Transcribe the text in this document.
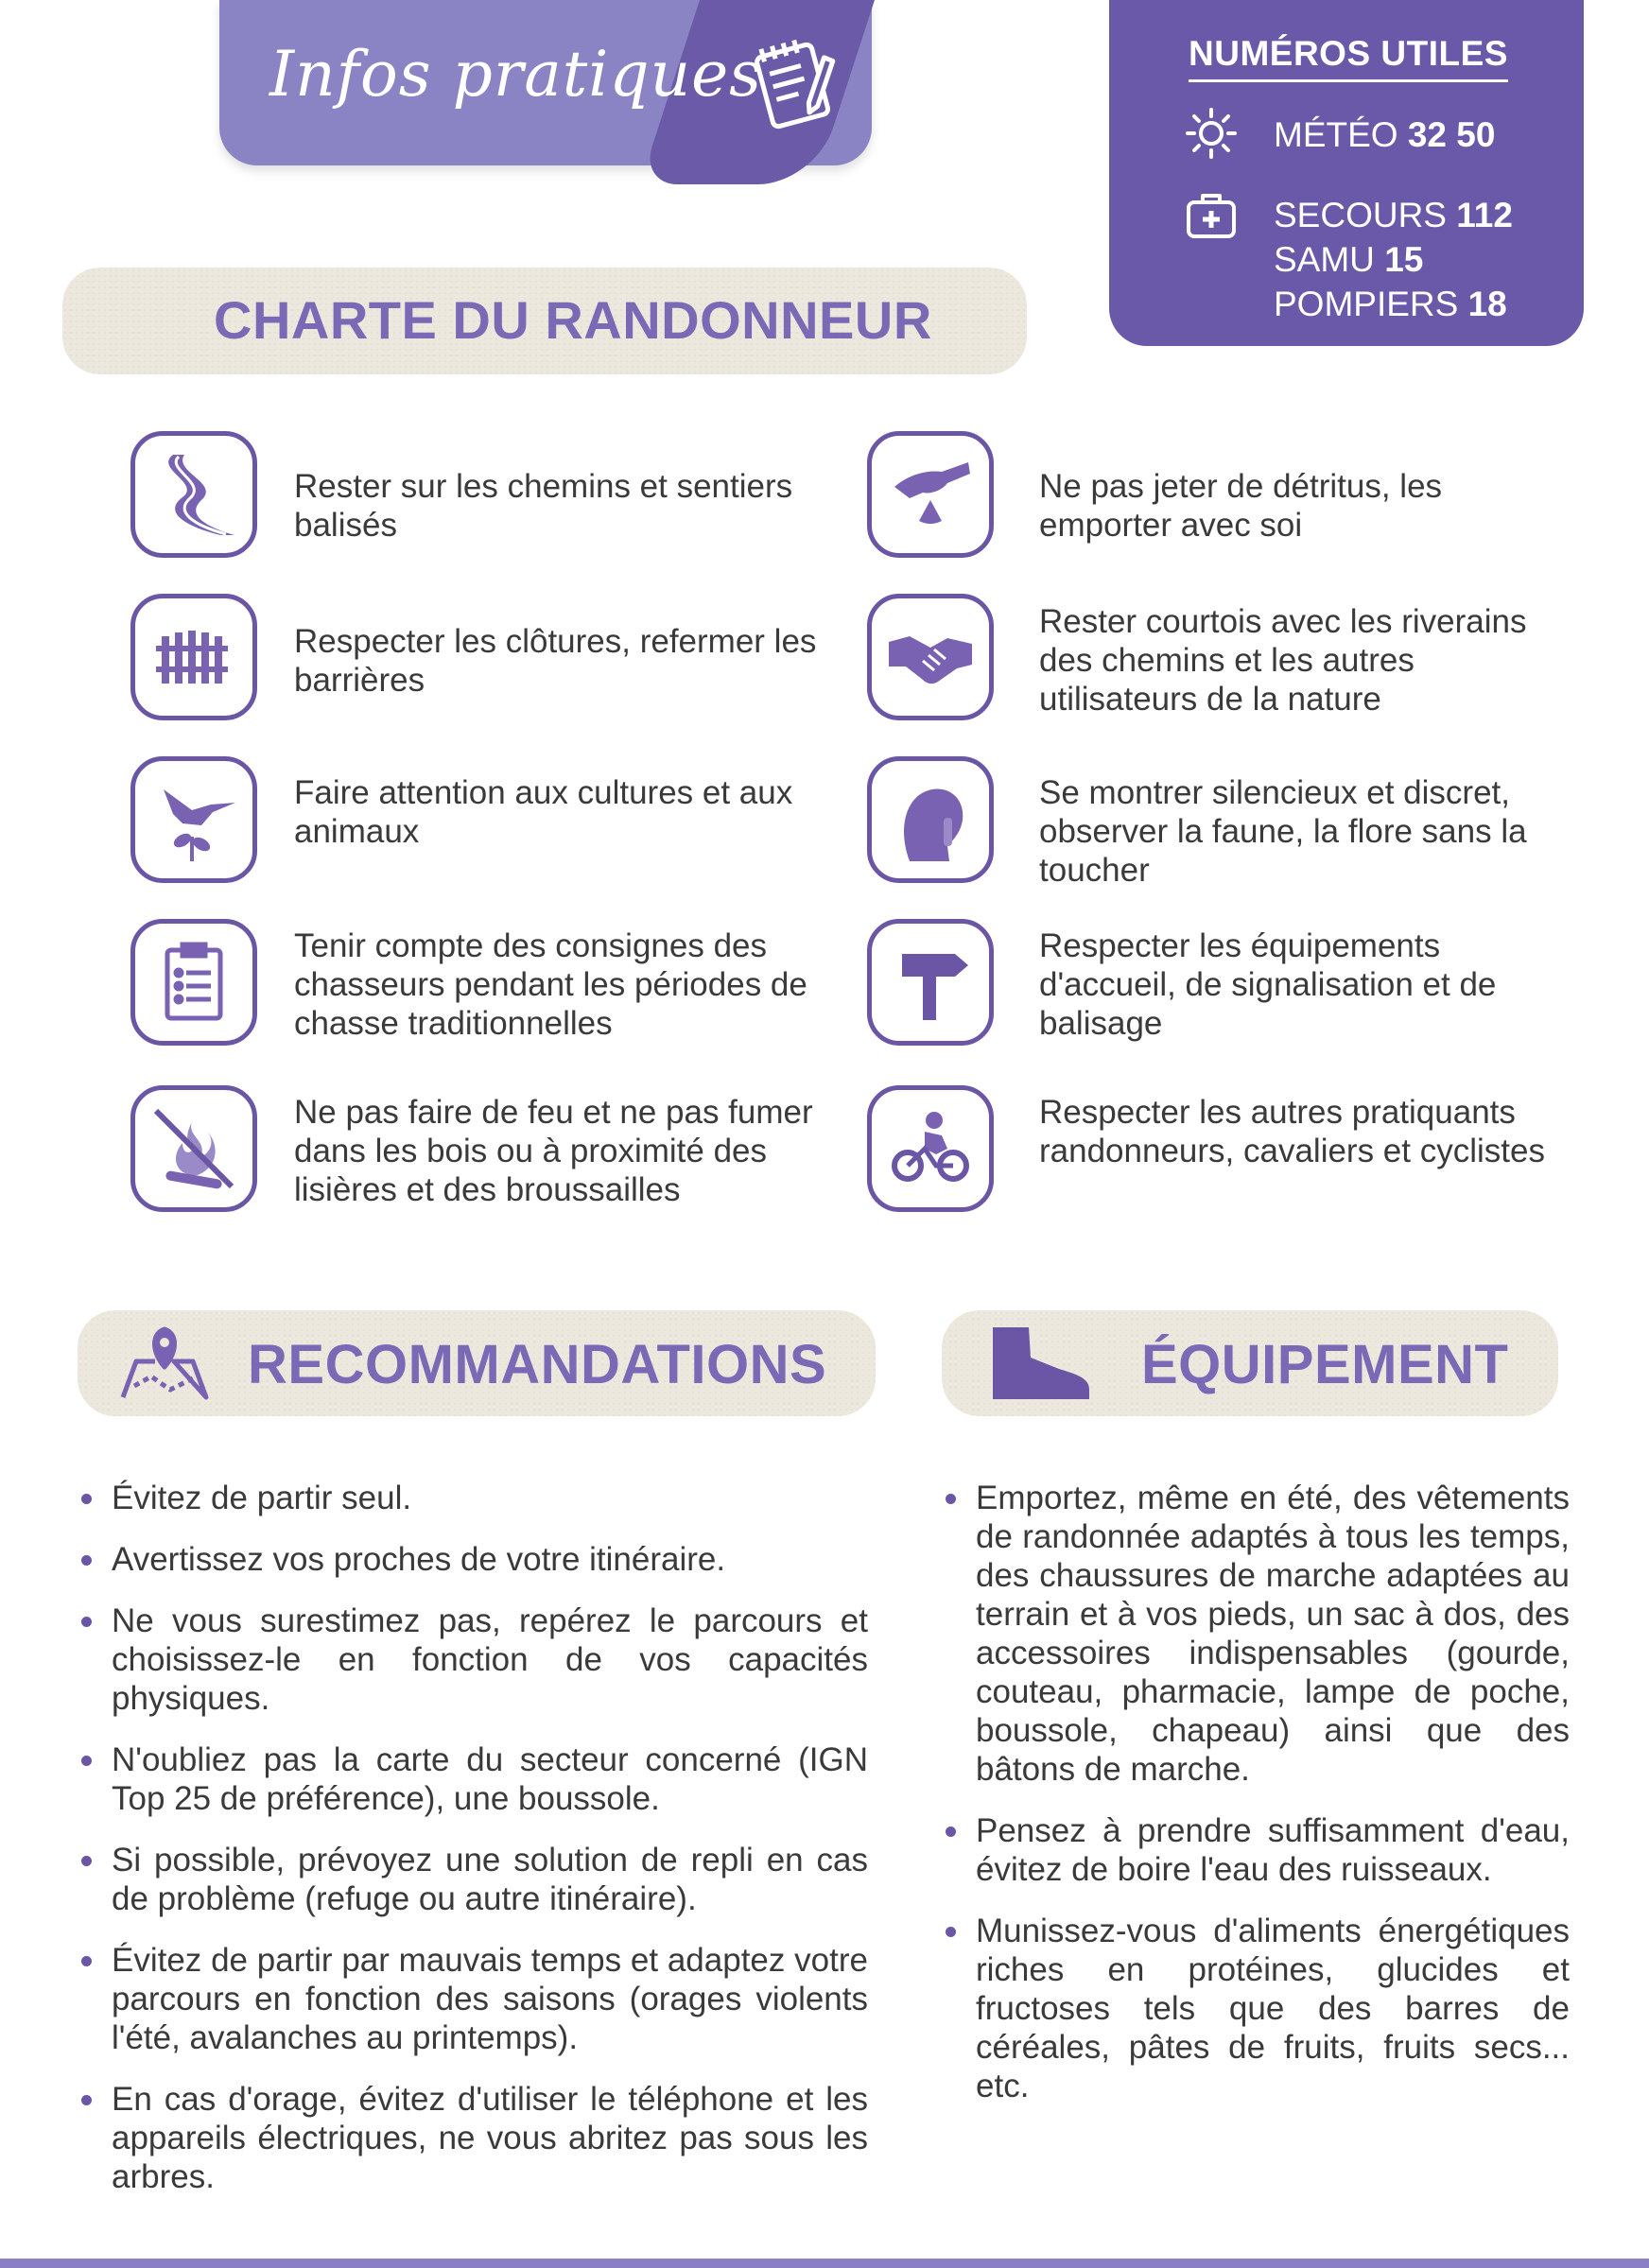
Infos pratiques	NUMÉROS UTILES
MÉTÉO 32 50
SECOURS 112
SAMU 15
POMPIERS 18
CHARTE DU RANDONNEUR
Rester sur les chemins et sentiers balisés
Respecter les clôtures, refermer les barrières
Faire attention aux cultures et aux animaux
Tenir compte des consignes des chasseurs pendant les périodes de chasse traditionnelles
Ne pas faire de feu et ne pas fumer dans les bois ou à proximité des lisières et des broussailles
Ne pas jeter de détritus, les emporter avec soi
Rester courtois avec les riverains des chemins et les autres utilisateurs de la nature
Se montrer silencieux et discret, observer la faune, la flore sans la toucher
Respecter les équipements d'accueil, de signalisation et de balisage
Respecter les autres pratiquants randonneurs, cavaliers et cyclistes
RECOMMANDATIONS	ÉQUIPEMENT
Évitez de partir seul.
Avertissez vos proches de votre itinéraire.
Ne vous surestimez pas, repérez le parcours et choisissez-le en fonction de vos capacités physiques.
N'oubliez pas la carte du secteur concerné (IGN Top 25 de préférence), une boussole.
Si possible, prévoyez une solution de repli en cas de problème (refuge ou autre itinéraire).
Évitez de partir par mauvais temps et adaptez votre parcours en fonction des saisons (orages violents l'été, avalanches au printemps).
En cas d'orage, évitez d'utiliser le téléphone et les appareils électriques, ne vous abritez pas sous les arbres.
Emportez, même en été, des vêtements de randonnée adaptés à tous les temps, des chaussures de marche adaptées au terrain et à vos pieds, un sac à dos, des accessoires indispensables (gourde, couteau, pharmacie, lampe de poche, boussole, chapeau) ainsi que des bâtons de marche.
Pensez à prendre suffisamment d'eau, évitez de boire l'eau des ruisseaux.
Munissez-vous d'aliments énergétiques riches en protéines, glucides et fructoses tels que des barres de céréales, pâtes de fruits, fruits secs... etc.
